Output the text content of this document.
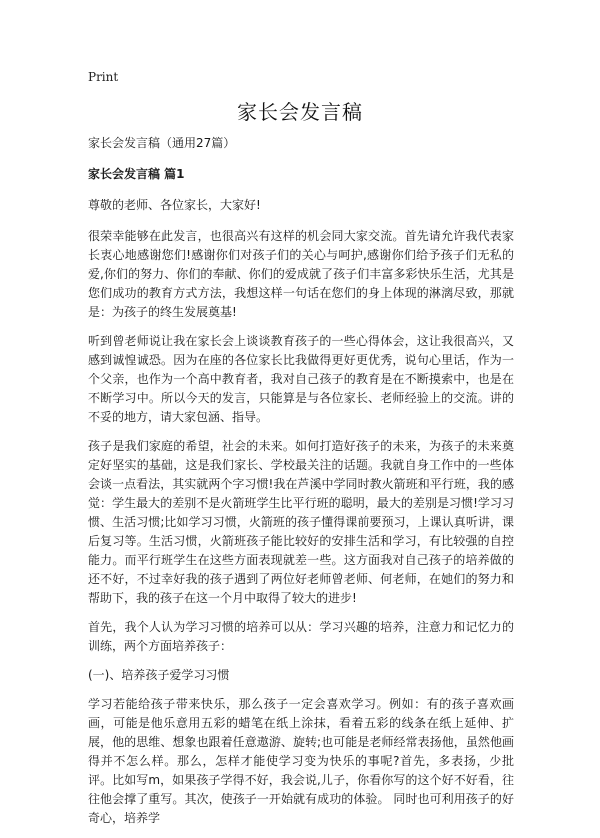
Print
家长会发言稿

家长会发言稿（通用27篇）

家长会发言稿 篇1

尊敬的老师、各位家长，大家好!

很荣幸能够在此发言，也很高兴有这样的机会同大家交流。首先请允许我代表家长衷心地感谢您们!感谢你们对孩子们的关心与呵护,感谢你们给予孩子们无私的爱,你们的努力、你们的奉献、你们的爱成就了孩子们丰富多彩快乐生活，尤其是您们成功的教育方式方法，我想这样一句话在您们的身上体现的淋漓尽致，那就是：为孩子的终生发展奠基!

听到曾老师说让我在家长会上谈谈教育孩子的一些心得体会，这让我很高兴，又感到诚惶诚恐。因为在座的各位家长比我做得更好更优秀，说句心里话，作为一个父亲，也作为一个高中教育者，我对自己孩子的教育是在不断摸索中，也是在不断学习中。所以今天的发言，只能算是与各位家长、老师经验上的交流。讲的不妥的地方，请大家包涵、指导。

孩子是我们家庭的希望，社会的未来。如何打造好孩子的未来，为孩子的未来奠定好坚实的基础，这是我们家长、学校最关注的话题。我就自身工作中的一些体会谈一点看法，其实就两个字习惯!我在芦溪中学同时教火箭班和平行班，我的感觉：学生最大的差别不是火箭班学生比平行班的聪明，最大的差别是习惯!学习习惯、生活习惯;比如学习习惯，火箭班的孩子懂得课前要预习，上课认真听讲，课后复习等。生活习惯，火箭班孩子能比较好的安排生活和学习，有比较强的自控能力。而平行班学生在这些方面表现就差一些。这方面我对自己孩子的培养做的还不好，不过幸好我的孩子遇到了两位好老师曾老师、何老师，在她们的努力和帮助下，我的孩子在这一个月中取得了较大的进步!

首先，我个人认为学习习惯的培养可以从：学习兴趣的培养，注意力和记忆力的训练，两个方面培养孩子：

(一)、培养孩子爱学习习惯

学习若能给孩子带来快乐，那么孩子一定会喜欢学习。例如：有的孩子喜欢画画，可能是他乐意用五彩的蜡笔在纸上涂抹，看着五彩的线条在纸上延伸、扩展，他的思维、想象也跟着任意遨游、旋转;也可能是老师经常表扬他，虽然他画得并不怎么样。那么，怎样才能使学习变为快乐的事呢?首先，多表扬，少批评。比如写m，如果孩子学得不好，我会说,儿子，你看你写的这个好不好看，往往他会撑了重写。其次，使孩子一开始就有成功的体验。 同时也可利用孩子的好奇心，培养学
